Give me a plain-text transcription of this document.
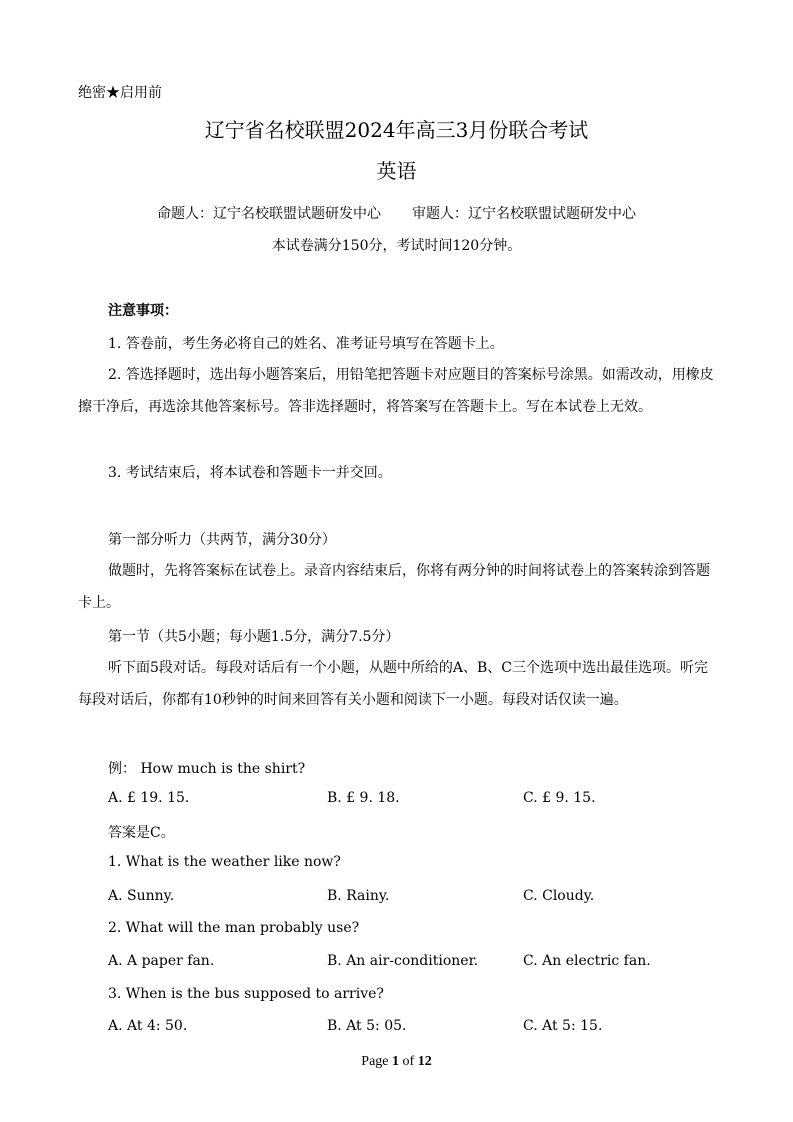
绝密★启用前
辽宁省名校联盟2024年高三3月份联合考试
英语
命题人：辽宁名校联盟试题研发中心 审题人：辽宁名校联盟试题研发中心
本试卷满分150分，考试时间120分钟。
注意事项：
1. 答卷前，考生务必将自己的姓名、准考证号填写在答题卡上。
2. 答选择题时，选出每小题答案后，用铅笔把答题卡对应题目的答案标号涂黑。如需改动，用橡皮擦干净后，再选涂其他答案标号。答非选择题时，将答案写在答题卡上。写在本试卷上无效。
3. 考试结束后，将本试卷和答题卡一并交回。
第一部分听力（共两节，满分30分）
做题时，先将答案标在试卷上。录音内容结束后，你将有两分钟的时间将试卷上的答案转涂到答题卡上。
第一节（共5小题；每小题1.5分，满分7.5分）
听下面5段对话。每段对话后有一个小题，从题中所给的A、B、C三个选项中选出最佳选项。听完每段对话后，你都有10秒钟的时间来回答有关小题和阅读下一小题。每段对话仅读一遍。
例： How much is the shirt?
A. £ 19. 15.	B. £ 9. 18.	C. £ 9. 15.
答案是C。
1. What is the weather like now?
A. Sunny.	B. Rainy.	C. Cloudy.
2. What will the man probably use?
A. A paper fan.	B. An air-conditioner.	C. An electric fan.
3. When is the bus supposed to arrive?
A. At 4: 50.	B. At 5: 05.	C. At 5: 15.
Page 1 of 12
